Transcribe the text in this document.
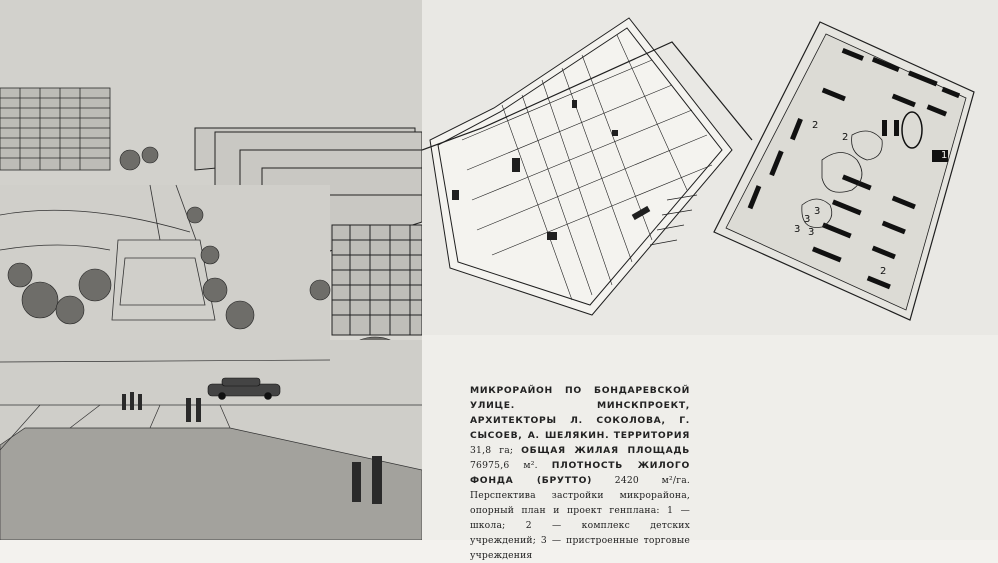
1
2
2
2
3
3
3 3
МИКРОРАЙОН ПО БОНДАРЕВСКОЙ УЛИЦЕ. МИНСКПРОЕКТ, АРХИТЕКТОРЫ Л. СОКОЛОВА, Г. СЫСОЕВ, А. ШЕЛЯКИН. ТЕРРИТОРИЯ 31,8 га; ОБЩАЯ ЖИЛАЯ ПЛОЩАДЬ 76975,6 м². ПЛОТНОСТЬ ЖИЛОГО ФОНДА (БРУТТО) 2420 м²/га. Перспектива застройки микрорайона, опорный план и проект генплана: 1 — школа; 2 — комплекс детских учреждений; 3 — пристроенные торговые учреждения
